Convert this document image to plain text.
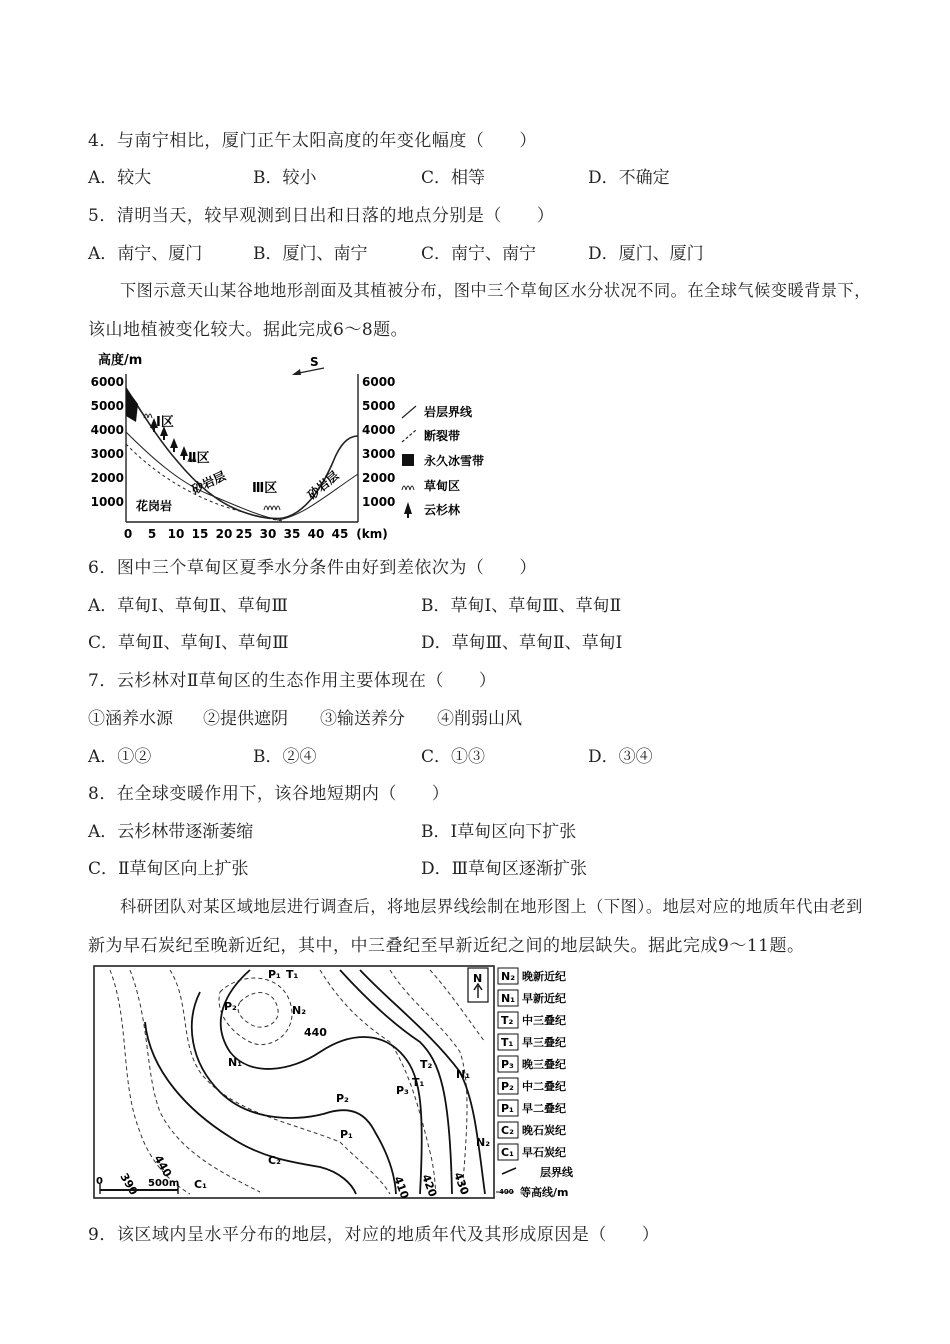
4．与南宁相比，厦门正午太阳高度的年变化幅度（　　）
A．较大	B．较小	C．相等	D．不确定
5．清明当天，较早观测到日出和日落的地点分别是（　　）
A．南宁、厦门	B．厦门、南宁	C．南宁、南宁	D．厦门、厦门
下图示意天山某谷地地形剖面及其植被分布，图中三个草甸区水分状况不同。在全球气候变暖背景下，
该山地植被变化较大。据此完成6～8题。
高度/m
6000
5000
4000
3000
2000
1000
6000
5000
4000
3000
2000
1000
0 5 10 15 20 25 30 35 40 45 (km)
Ⅰ区
Ⅱ区
Ⅲ区
花岗岩
砂岩层	砂岩层
S
岩层界线
断裂带
永久冰雪带
草甸区
云杉林
6．图中三个草甸区夏季水分条件由好到差依次为（　　）
A．草甸Ⅰ、草甸Ⅱ、草甸Ⅲ	B．草甸Ⅰ、草甸Ⅲ、草甸Ⅱ
C．草甸Ⅱ、草甸Ⅰ、草甸Ⅲ	D．草甸Ⅲ、草甸Ⅱ、草甸Ⅰ
7．云杉林对Ⅱ草甸区的生态作用主要体现在（　　）
①涵养水源 ②提供遮阴 ③输送养分 ④削弱山风
A．①②	B．②④	C．①③	D．③④
8．在全球变暖作用下，该谷地短期内（　　）
A．云杉林带逐渐萎缩	B．Ⅰ草甸区向下扩张
C．Ⅱ草甸区向上扩张	D．Ⅲ草甸区逐渐扩张
科研团队对某区域地层进行调查后，将地层界线绘制在地形图上（下图）。地层对应的地质年代由老到
新为早石炭纪至晚新近纪，其中，中三叠纪至早新近纪之间的地层缺失。据此完成9～11题。
P₁ T₁
P₂	N₂
N₁	T₂
T₁
N₁
P₃
P₂
P₁
C₂
C₁
N₂
440
390
440
410 420 430
0	500m
N N₂ 晚新近纪
N₁ 早新近纪
T₂ 中三叠纪
T₁ 早三叠纪
P₃ 晚三叠纪
P₂ 中二叠纪
P₁ 早二叠纪
C₂ 晚石炭纪
C₁ 早石炭纪
层界线
400 等高线/m
9．该区域内呈水平分布的地层，对应的地质年代及其形成原因是（　　）
